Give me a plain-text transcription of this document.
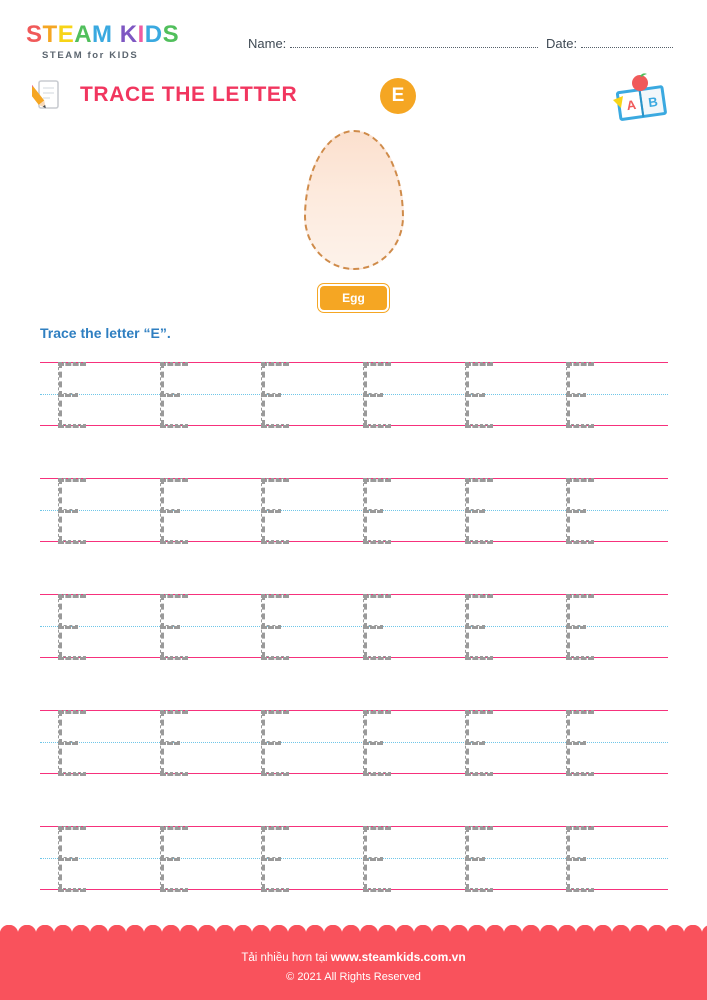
STEAM KIDS
STEAM for KIDS
Name:	Date:
TRACE THE LETTER	E	A B
Egg
Trace the letter “E”.
Tải nhiều hơn tại www.steamkids.com.vn
© 2021 All Rights Reserved
